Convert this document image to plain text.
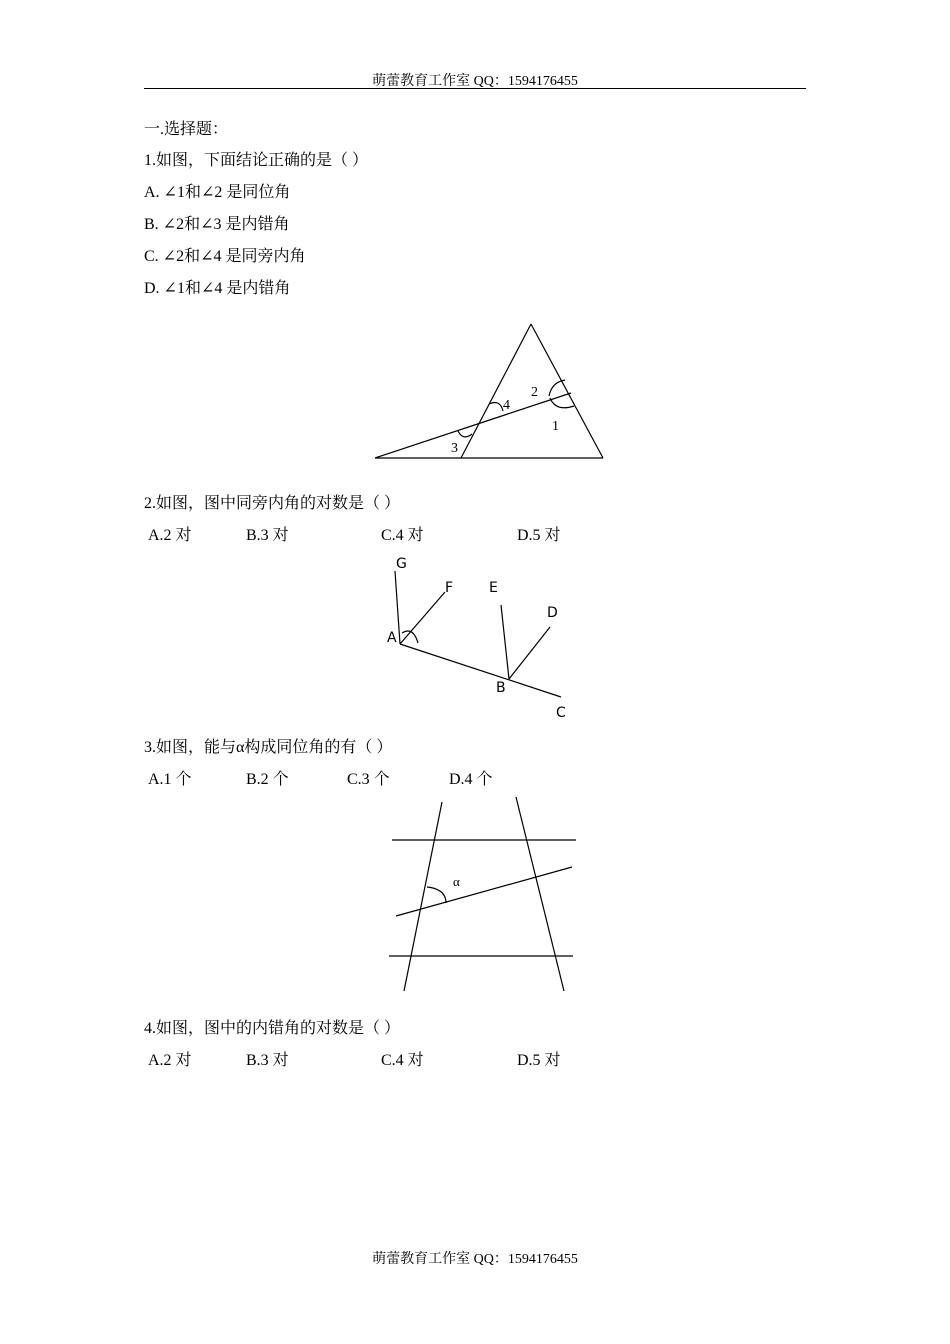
萌蕾教育工作室 QQ：1594176455
萌蕾教育工作室 QQ：1594176455
一.选择题：
1.如图，下面结论正确的是（ ）
A. ∠1和∠2 是同位角
B. ∠2和∠3 是内错角
C. ∠2和∠4 是同旁内角
D. ∠1和∠4 是内错角
4
2
1
3
2.如图，图中同旁内角的对数是（ ）
A.2 对	B.3 对	C.4 对	D.5 对
G
F	E
D
A
B
C
3.如图，能与α构成同位角的有（ ）
A.1 个	B.2 个	C.3 个	D.4 个
α
4.如图，图中的内错角的对数是（ ）
A.2 对	B.3 对	C.4 对	D.5 对
